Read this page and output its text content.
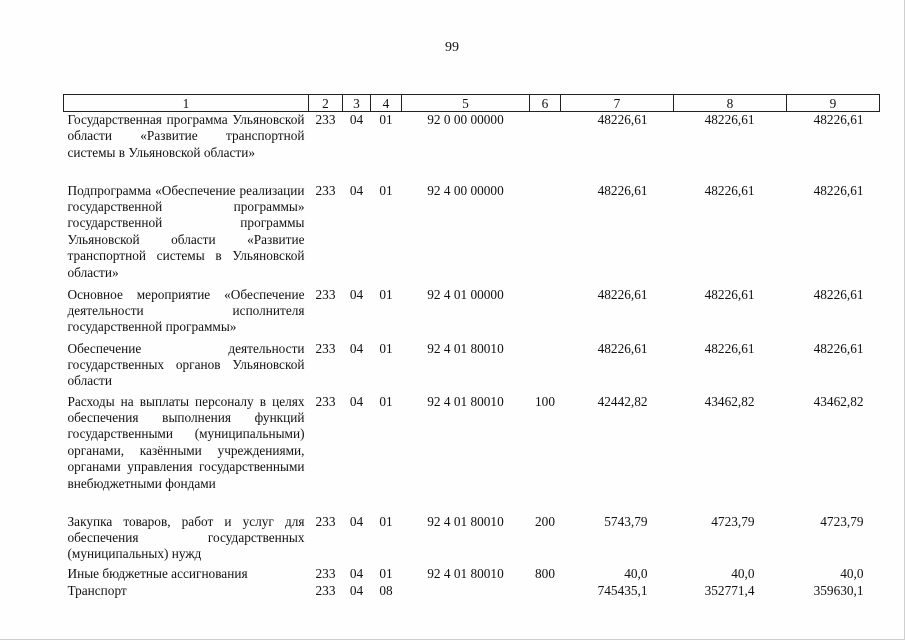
99
1	2	3	4	5	6	7	8	9
Государственная программа Ульяновской области «Развитие транспортной системы в Ульяновской области»	233	04	01	92 0 00 00000		48226,61	48226,61	48226,61
Подпрограмма «Обеспечение реализации государственной программы» государственной программы Ульяновской области «Развитие транспортной системы в Ульяновской области»	233	04	01	92 4 00 00000		48226,61	48226,61	48226,61
Основное мероприятие «Обеспечение деятельности исполнителя государственной программы»	233	04	01	92 4 01 00000		48226,61	48226,61	48226,61
Обеспечение деятельности государственных органов Ульяновской области	233	04	01	92 4 01 80010		48226,61	48226,61	48226,61
Расходы на выплаты персоналу в целях обеспечения выполнения функций государственными (муниципальными) органами, казёнными учреждениями, органами управления государственными внебюджетными фондами	233	04	01	92 4 01 80010	100	42442,82	43462,82	43462,82
Закупка товаров, работ и услуг для обеспечения государственных (муниципальных) нужд	233	04	01	92 4 01 80010	200	5743,79	4723,79	4723,79
Иные бюджетные ассигнования	233	04	01	92 4 01 80010	800	40,0	40,0	40,0
Транспорт	233	04	08			745435,1	352771,4	359630,1
